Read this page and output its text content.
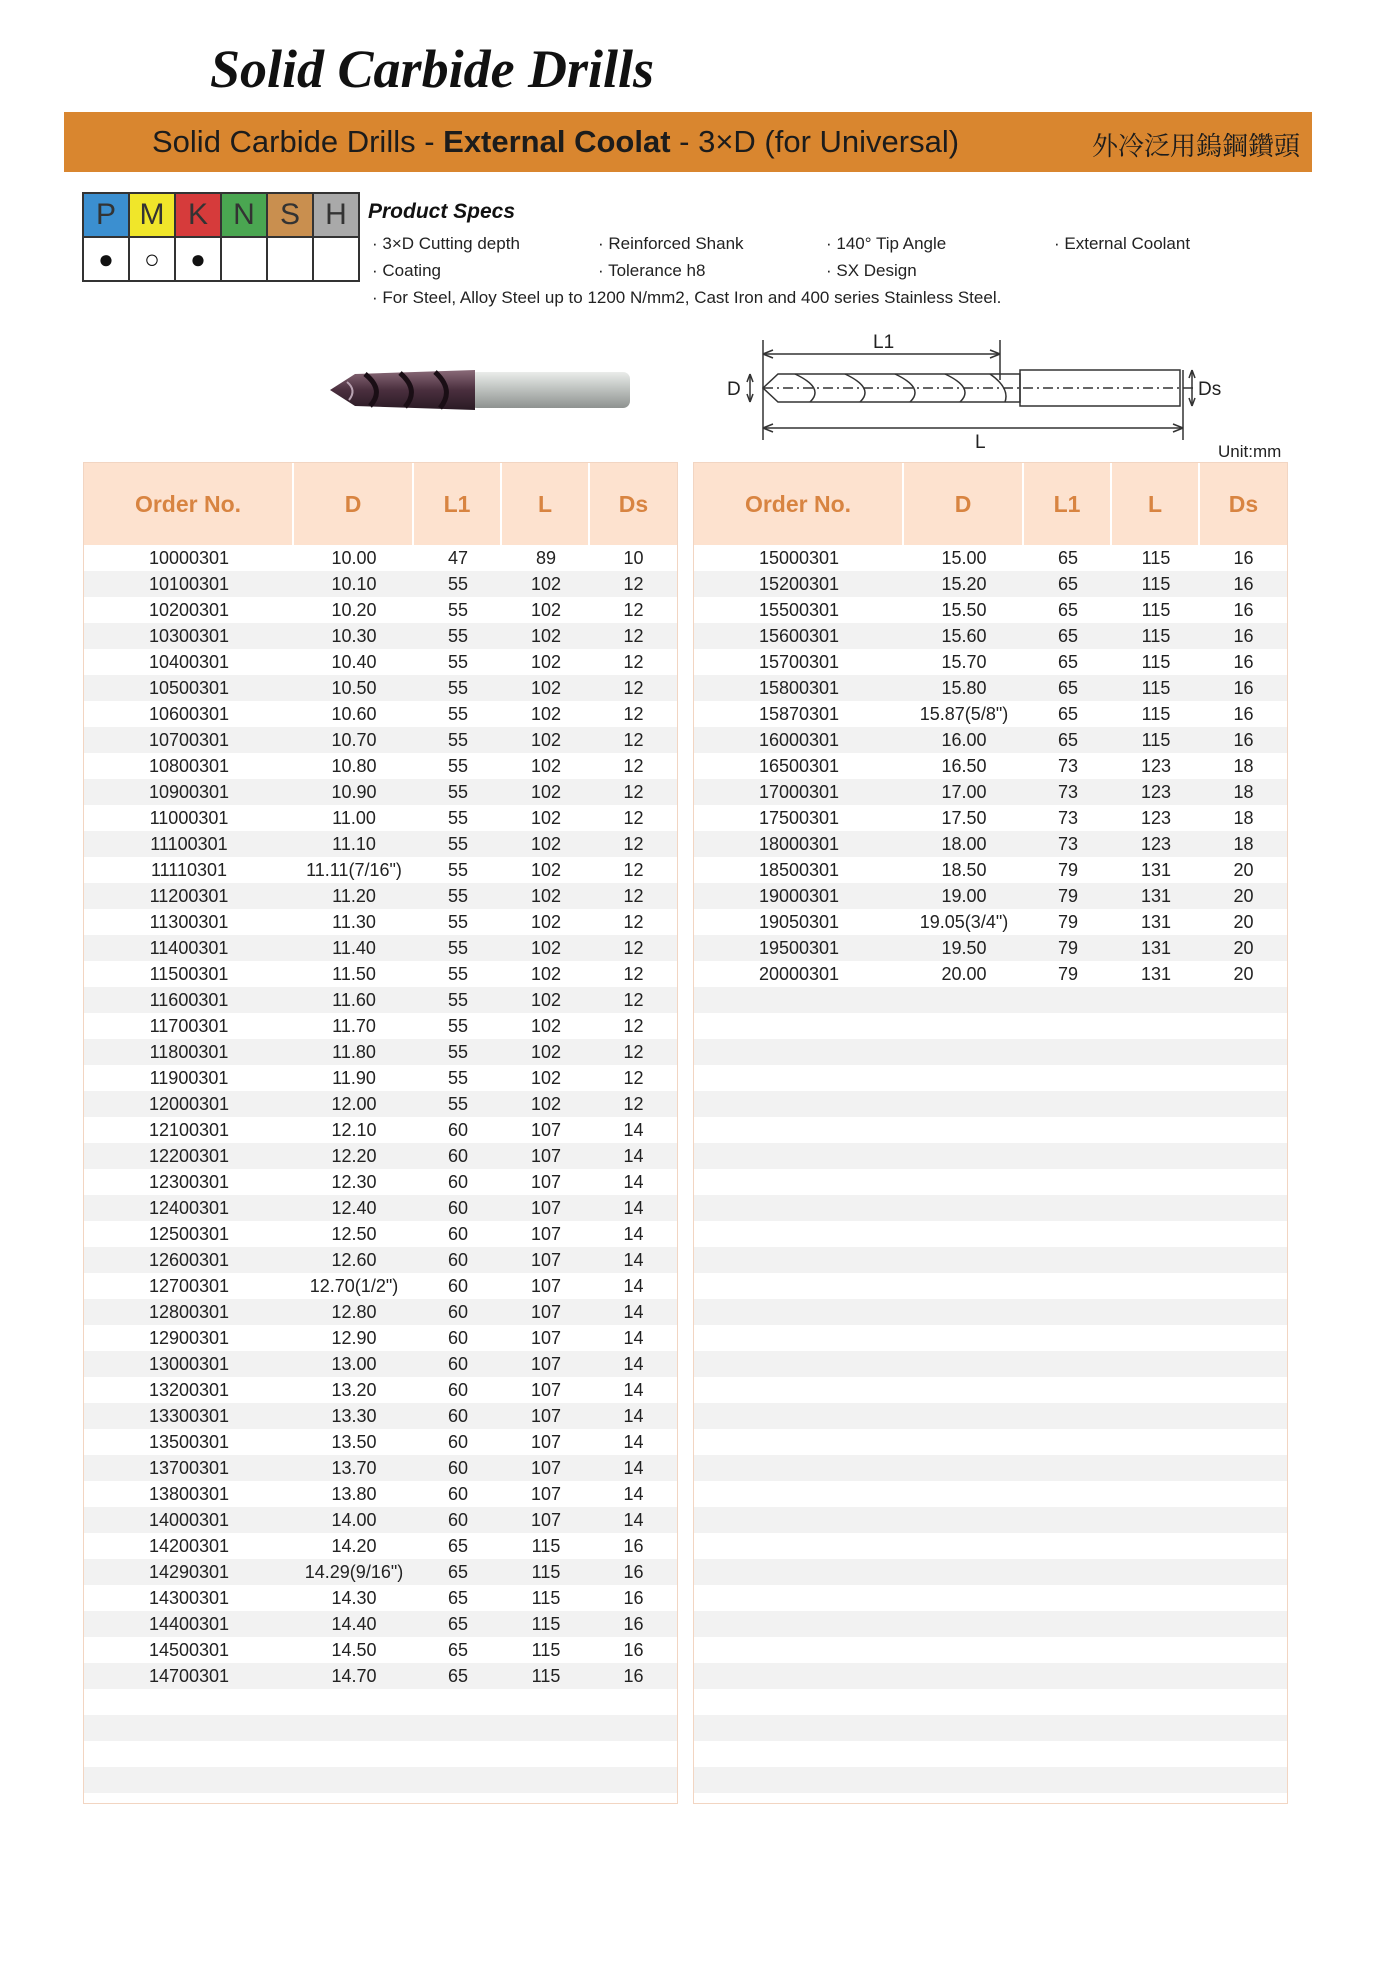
Solid Carbide Drills
Solid Carbide Drills - External Coolat - 3×D (for Universal)	外冷泛用鎢鋼鑽頭
P	M	K	N	S	H
●	○	●			
Product Specs
· 3×D Cutting depth	· Reinforced Shank	· 140° Tip Angle	· External Coolant
· Coating	· Tolerance h8	· SX Design
· For Steel, Alloy Steel up to 1200 N/mm2, Cast Iron and 400 series Stainless Steel.
L1
D
L
Ds
Unit:mm
Order No.	D	L1	L	Ds
10000301	10.00	47	89	10
10100301	10.10	55	102	12
10200301	10.20	55	102	12
10300301	10.30	55	102	12
10400301	10.40	55	102	12
10500301	10.50	55	102	12
10600301	10.60	55	102	12
10700301	10.70	55	102	12
10800301	10.80	55	102	12
10900301	10.90	55	102	12
11000301	11.00	55	102	12
11100301	11.10	55	102	12
11110301	11.11(7/16")	55	102	12
11200301	11.20	55	102	12
11300301	11.30	55	102	12
11400301	11.40	55	102	12
11500301	11.50	55	102	12
11600301	11.60	55	102	12
11700301	11.70	55	102	12
11800301	11.80	55	102	12
11900301	11.90	55	102	12
12000301	12.00	55	102	12
12100301	12.10	60	107	14
12200301	12.20	60	107	14
12300301	12.30	60	107	14
12400301	12.40	60	107	14
12500301	12.50	60	107	14
12600301	12.60	60	107	14
12700301	12.70(1/2")	60	107	14
12800301	12.80	60	107	14
12900301	12.90	60	107	14
13000301	13.00	60	107	14
13200301	13.20	60	107	14
13300301	13.30	60	107	14
13500301	13.50	60	107	14
13700301	13.70	60	107	14
13800301	13.80	60	107	14
14000301	14.00	60	107	14
14200301	14.20	65	115	16
14290301	14.29(9/16")	65	115	16
14300301	14.30	65	115	16
14400301	14.40	65	115	16
14500301	14.50	65	115	16
14700301	14.70	65	115	16
Order No.	D	L1	L	Ds
15000301	15.00	65	115	16
15200301	15.20	65	115	16
15500301	15.50	65	115	16
15600301	15.60	65	115	16
15700301	15.70	65	115	16
15800301	15.80	65	115	16
15870301	15.87(5/8")	65	115	16
16000301	16.00	65	115	16
16500301	16.50	73	123	18
17000301	17.00	73	123	18
17500301	17.50	73	123	18
18000301	18.00	73	123	18
18500301	18.50	79	131	20
19000301	19.00	79	131	20
19050301	19.05(3/4")	79	131	20
19500301	19.50	79	131	20
20000301	20.00	79	131	20
